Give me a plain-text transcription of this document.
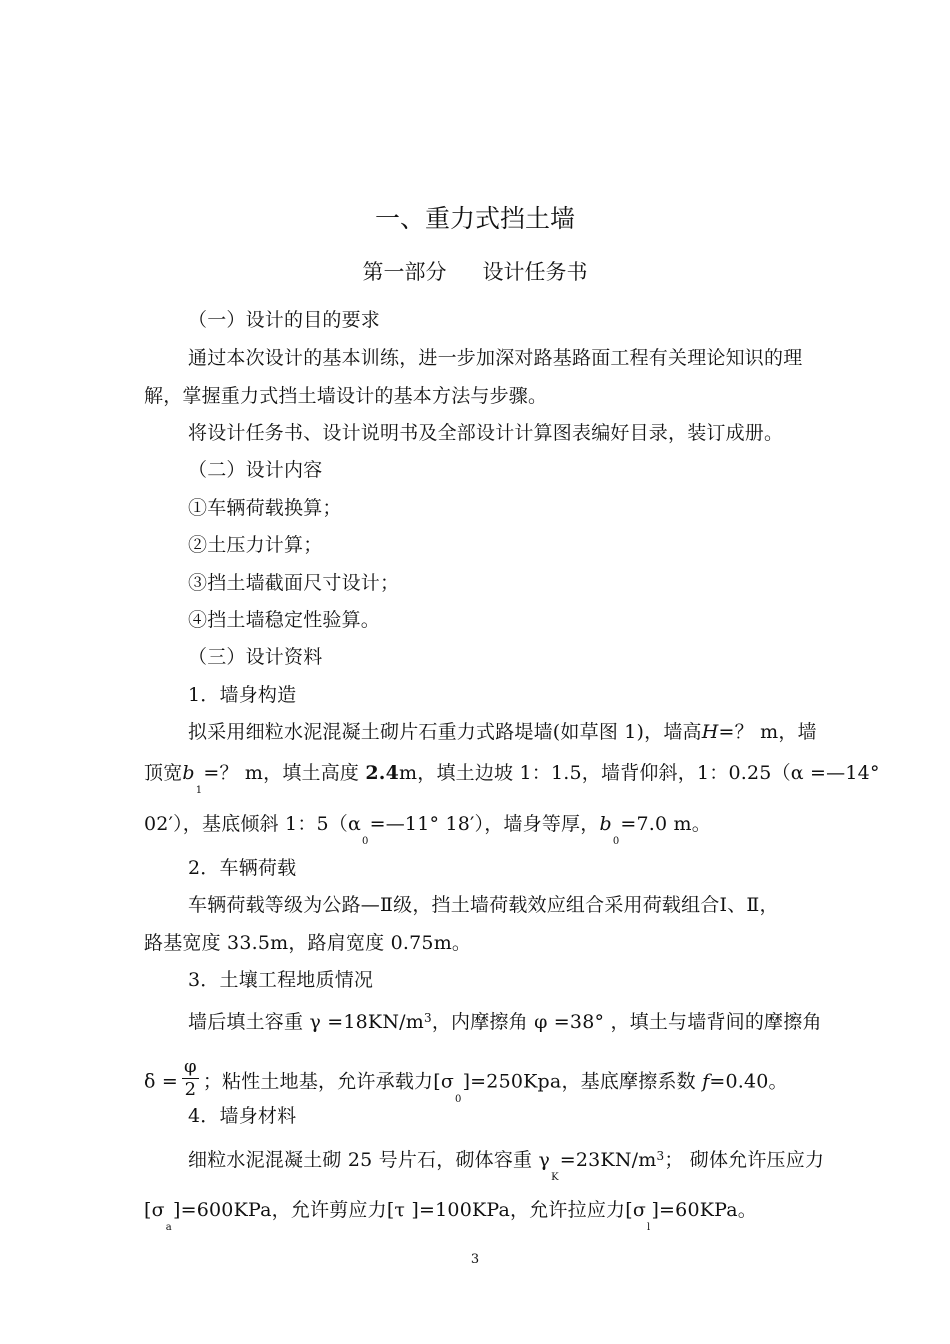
一、重力式挡土墙
第一部分 设计任务书
（一）设计的目的要求
通过本次设计的基本训练，进一步加深对路基路面工程有关理论知识的理
解，掌握重力式挡土墙设计的基本方法与步骤。
将设计任务书、设计说明书及全部设计计算图表编好目录，装订成册。
（二）设计内容
①车辆荷载换算；
②土压力计算；
③挡土墙截面尺寸设计；
④挡土墙稳定性验算。
（三）设计资料
1．墙身构造
拟采用细粒水泥混凝土砌片石重力式路堤墙(如草图 1)，墙高H=？ m，墙
顶宽b1=？ m，填土高度 2.4m，填土边坡 1：1.5，墙背仰斜，1：0.25（α =—14°
02′），基底倾斜 1：5（α0=—11° 18′），墙身等厚，b0=7.0 m。
2．车辆荷载
车辆荷载等级为公路—Ⅱ级，挡土墙荷载效应组合采用荷载组合Ⅰ、Ⅱ，
路基宽度 33.5m，路肩宽度 0.75m。
3．土壤工程地质情况
墙后填土容重 $\gamma =18KN/m^3$，内摩擦角 φ =38° ，填土与墙背间的摩擦角
$\delta = \frac{\varphi}{2}$ ；粘性土地基，允许承载力[σ0]=250Kpa，基底摩擦系数 f=0.40。
4．墙身材料
细粒水泥混凝土砌 25 号片石，砌体容重 $\gamma K=23KN/m^3$； 砌体允许压应力
[σa]=600KPa，允许剪应力[τ ]=100KPa，允许拉应力[σl]=60KPa。
3
